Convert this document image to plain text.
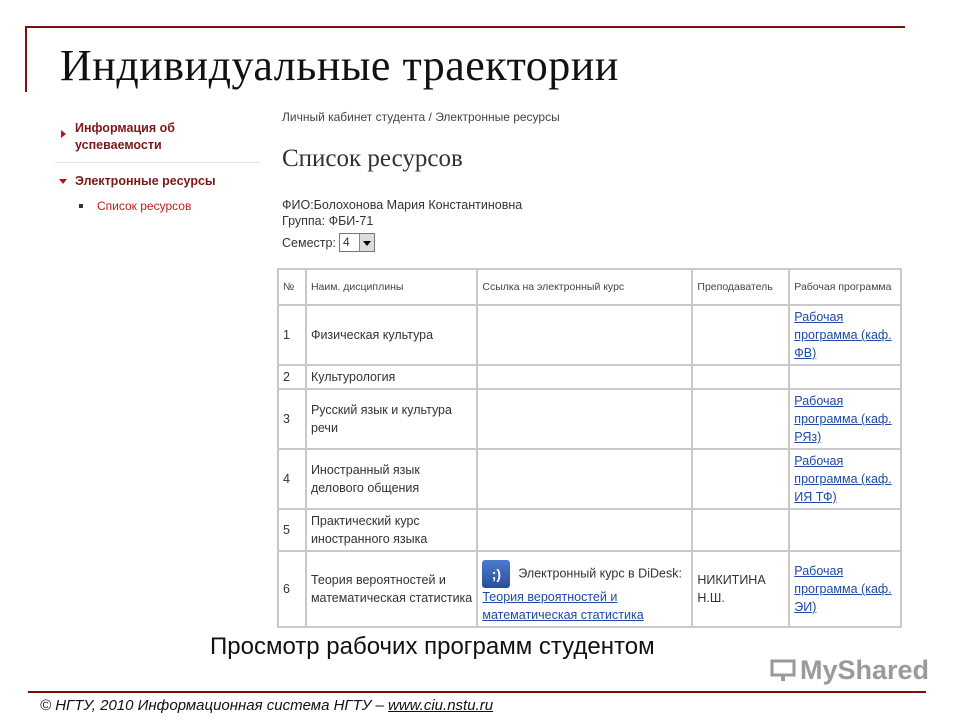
Индивидуальные траектории
Информация об успеваемости
Электронные ресурсы
Список ресурсов
Личный кабинет студента / Электронные ресурсы
Список ресурсов
ФИО:Болохонова Мария Константиновна
Группа: ФБИ-71
Семестр: 4
№	Наим. дисциплины	Ссылка на электронный курс	Преподаватель	Рабочая программа
1	Физическая культура			Рабочая программа (каф. ФВ)
2	Культурология			
3	Русский язык и культура речи			Рабочая программа (каф. РЯз)
4	Иностранный язык делового общения			Рабочая программа (каф. ИЯ ТФ)
5	Практический курс иностранного языка			
6	Теория вероятностей и математическая статистика	;) Электронный курс в DiDesk: Теория вероятностей и математическая статистика	НИКИТИНА Н.Ш.	Рабочая программа (каф. ЭИ)
Просмотр рабочих программ студентом
MyShared
© НГТУ, 2010 Информационная система НГТУ – www.ciu.nstu.ru
